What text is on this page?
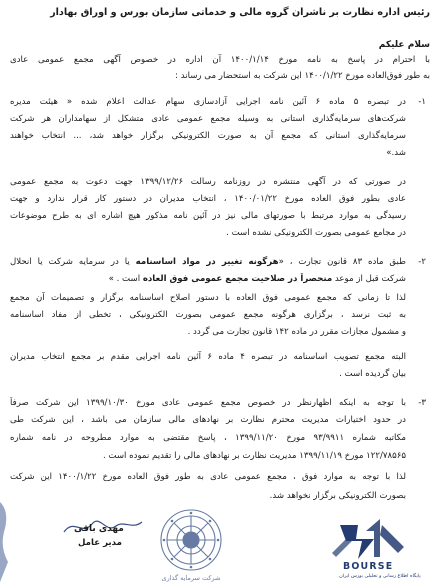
رئیس اداره نظارت بر ناشران گروه مالی و خدماتی سازمان بورس و اوراق بهادار
سلام علیکم
با احترام در پاسخ به نامه مورخ ۱۴۰۰/۱/۱۴ آن اداره در خصوص آگهی مجمع عمومی عادی
به طور فوق‌العاده مورخ ۱۴۰۰/۱/۲۲ این شرکت به استحضار می رساند :
۱-
در تبصره ۵ ماده ۶ آئین نامه اجرایی آزادسازی سهام عدالت اعلام شده « هیئت مدیره
شرکت‌های سرمایه‌گذاری استانی به وسیله مجمع عمومی عادی متشکل از سهامداران هر شرکت
سرمایه‌گذاری استانی که مجمع آن به صورت الکترونیکی برگزار خواهد شد، ... انتخاب خواهند
شد.»
در صورتی که در آگهی منتشره در روزنامه رسالت ۱۳۹۹/۱۲/۲۶ جهت دعوت به مجمع عمومی
عادی بطور فوق العاده مورخ ۱۴۰۰/۰۱/۲۲ ، انتخاب مدیران در دستور کار قرار ندارد و جهت
رسیدگی به موارد مرتبط با صورتهای مالی نیز در آئین نامه مذکور هیچ اشاره ای به طرح موضوعات
در مجامع عمومی بصورت الکترونیکی نشده است .
۲-
طبق ماده ۸۳ قانون تجارت ، «هرگونه تغییر در مواد اساسنامه یا در سرمایه شرکت یا انحلال
شرکت قبل از موعد منحصراً در صلاحیت مجمع عمومی فوق العاده است . »
لذا تا زمانی که مجمع عمومی فوق العاده با دستور اصلاح اساسنامه برگزار و تصمیمات آن مجمع
به ثبت نرسد ، برگزاری هرگونه مجمع عمومی بصورت الکترونیکی ، تخطی از مفاد اساسنامه
و مشمول مجازات مقرر در ماده ۱۴۲ قانون تجارت می گردد .
البته مجمع تصویب اساسنامه در تبصره ۴ ماده ۶ آئین نامه اجرایی مقدم بر مجمع انتخاب مدیران
بیان گردیده است .
۳-
با توجه به اینکه اظهارنظر در خصوص مجمع عمومی عادی مورخ ۱۳۹۹/۱۰/۳۰ این شرکت صرفاً
در حدود اختیارات مدیریت محترم نظارت بر نهادهای مالی سازمان می باشد ، این شرکت طی
مکاتبه شماره ۹۳/۹۹۱۱ مورخ ۱۳۹۹/۱۱/۲۰ ، پاسخ مقتضی به موارد مطروحه در نامه شماره
۱۲۲/۷۸۵۶۵ مورخ ۱۳۹۹/۱۱/۱۹ مدیریت نظارت بر نهادهای مالی را تقدیم نموده است .
لذا با توجه به موارد فوق ، مجمع عمومی عادی به طور فوق العاده مورخ ۱۴۰۰/۱/۲۲ این شرکت
بصورت الکترونیکی برگزار نخواهد شد.
مهدی باقی
مدیر عامل
شرکت سرمایه گذاری
BOURSE
پایگاه اطلاع رسانی و تحلیلی بورس ایران
